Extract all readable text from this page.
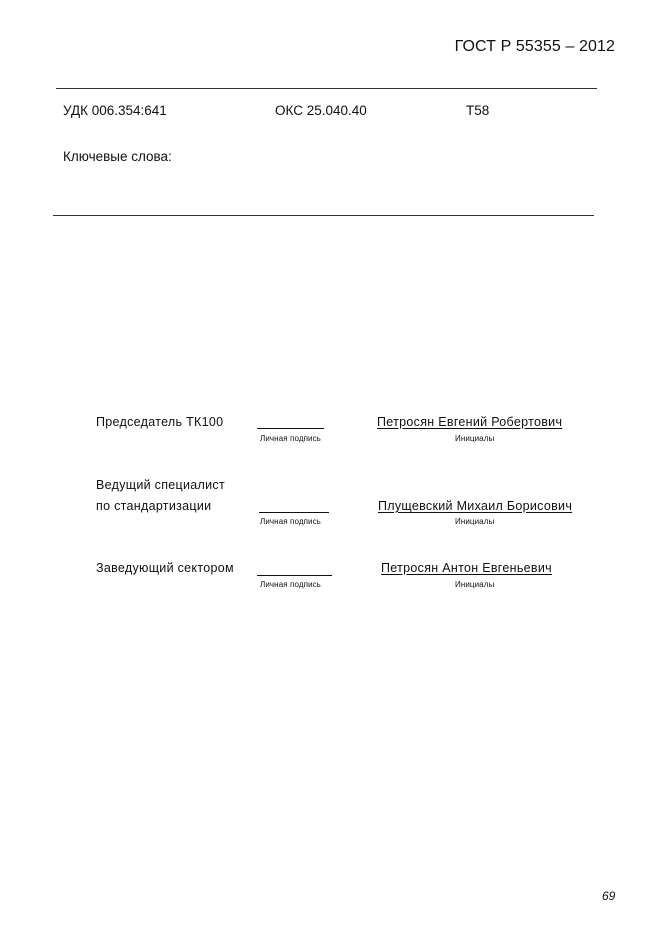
ГОСТ Р 55355 – 2012
УДК 006.354:641	ОКС 25.040.40	Т58
Ключевые слова:
Председатель ТК100
Личная подпись
Петросян Евгений Робертович
Инициалы
Ведущий специалист
по стандартизации
Личная подпись
Плущевский Михаил Борисович
Инициалы
Заведующий сектором
Личная подпись
Петросян Антон Евгеньевич
Инициалы
69
